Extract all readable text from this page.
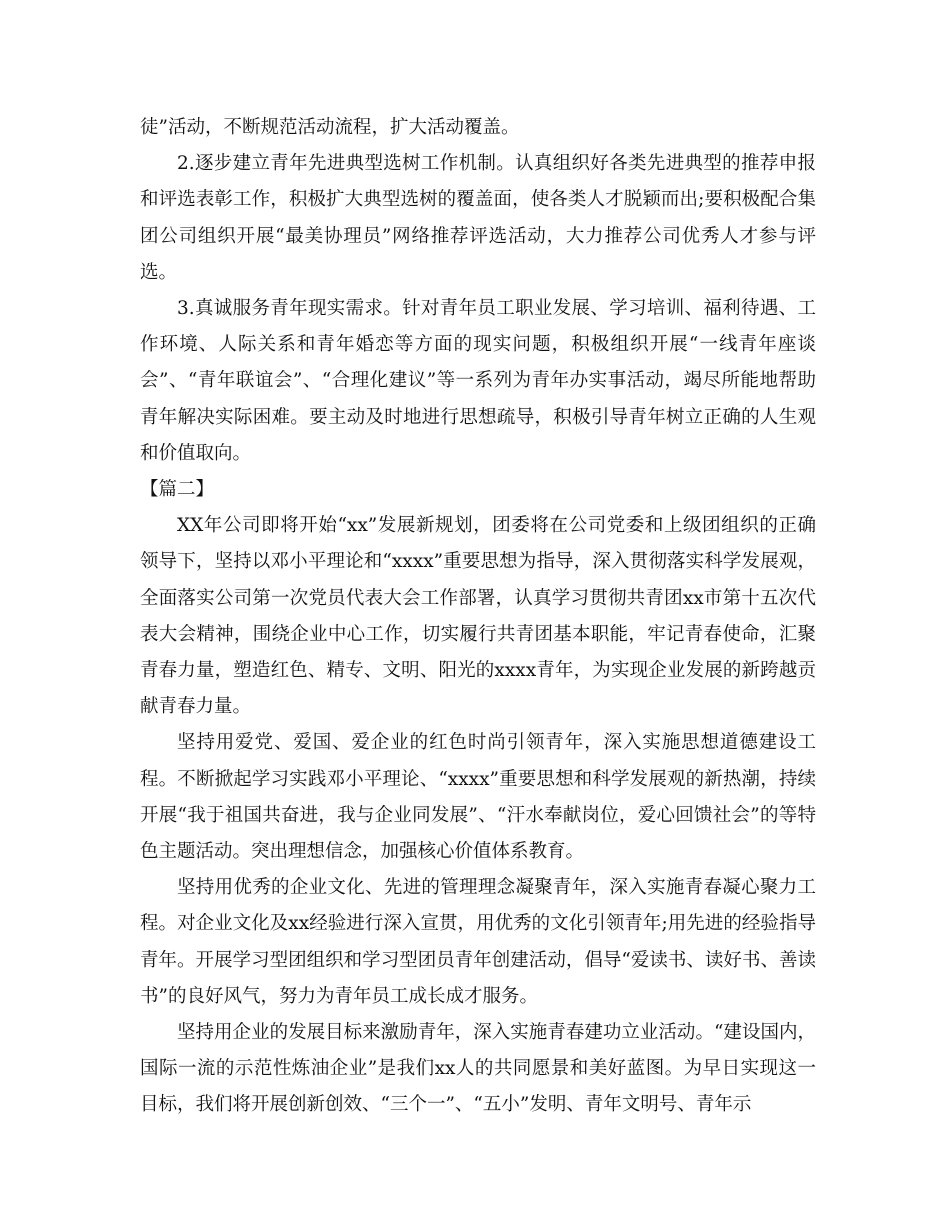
徒”活动，不断规范活动流程，扩大活动覆盖。

2.逐步建立青年先进典型选树工作机制。认真组织好各类先进典型的推荐申报和评选表彰工作，积极扩大典型选树的覆盖面，使各类人才脱颖而出;要积极配合集团公司组织开展“最美协理员”网络推荐评选活动，大力推荐公司优秀人才参与评选。

3.真诚服务青年现实需求。针对青年员工职业发展、学习培训、福利待遇、工作环境、人际关系和青年婚恋等方面的现实问题，积极组织开展“一线青年座谈会”、“青年联谊会”、“合理化建议”等一系列为青年办实事活动，竭尽所能地帮助青年解决实际困难。要主动及时地进行思想疏导，积极引导青年树立正确的人生观和价值取向。

【篇二】

XX年公司即将开始“xx”发展新规划，团委将在公司党委和上级团组织的正确领导下，坚持以邓小平理论和“xxxx”重要思想为指导，深入贯彻落实科学发展观，全面落实公司第一次党员代表大会工作部署，认真学习贯彻共青团xx市第十五次代表大会精神，围绕企业中心工作，切实履行共青团基本职能，牢记青春使命，汇聚青春力量，塑造红色、精专、文明、阳光的xxxx青年，为实现企业发展的新跨越贡献青春力量。

坚持用爱党、爱国、爱企业的红色时尚引领青年，深入实施思想道德建设工程。不断掀起学习实践邓小平理论、“xxxx”重要思想和科学发展观的新热潮，持续开展“我于祖国共奋进，我与企业同发展”、“汗水奉献岗位，爱心回馈社会”的等特色主题活动。突出理想信念，加强核心价值体系教育。

坚持用优秀的企业文化、先进的管理理念凝聚青年，深入实施青春凝心聚力工程。对企业文化及xx经验进行深入宣贯，用优秀的文化引领青年;用先进的经验指导青年。开展学习型团组织和学习型团员青年创建活动，倡导“爱读书、读好书、善读书”的良好风气，努力为青年员工成长成才服务。

坚持用企业的发展目标来激励青年，深入实施青春建功立业活动。“建设国内，国际一流的示范性炼油企业”是我们xx人的共同愿景和美好蓝图。为早日实现这一目标，我们将开展创新创效、“三个一”、“五小”发明、青年文明号、青年示
